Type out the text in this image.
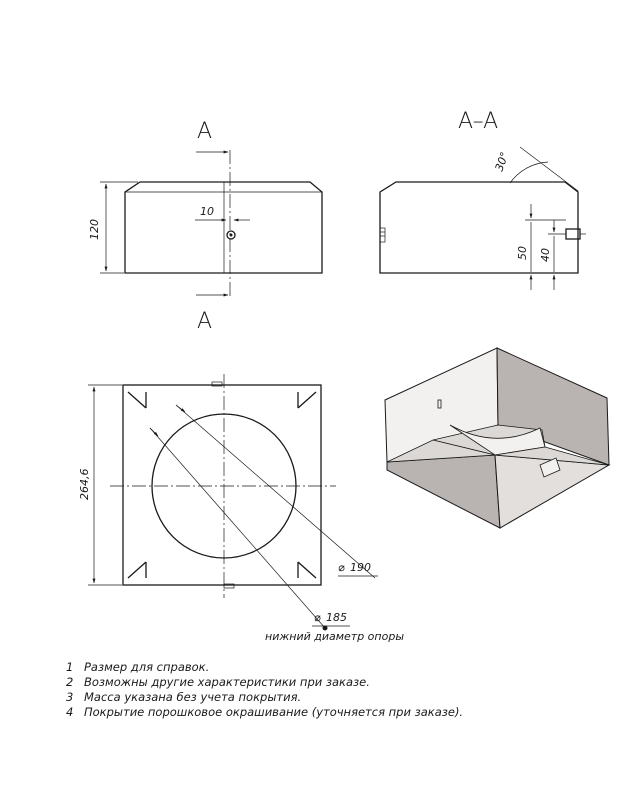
120
10
A
A
A–A
30°
50 40
264,6
⌀ 190
⌀ 185
нижний диаметр опоры
1 Размер для справок.
2 Возможны другие характеристики при заказе.
3 Масса указана без учета покрытия.
4 Покрытие порошковое окрашивание (уточняется при заказе).
